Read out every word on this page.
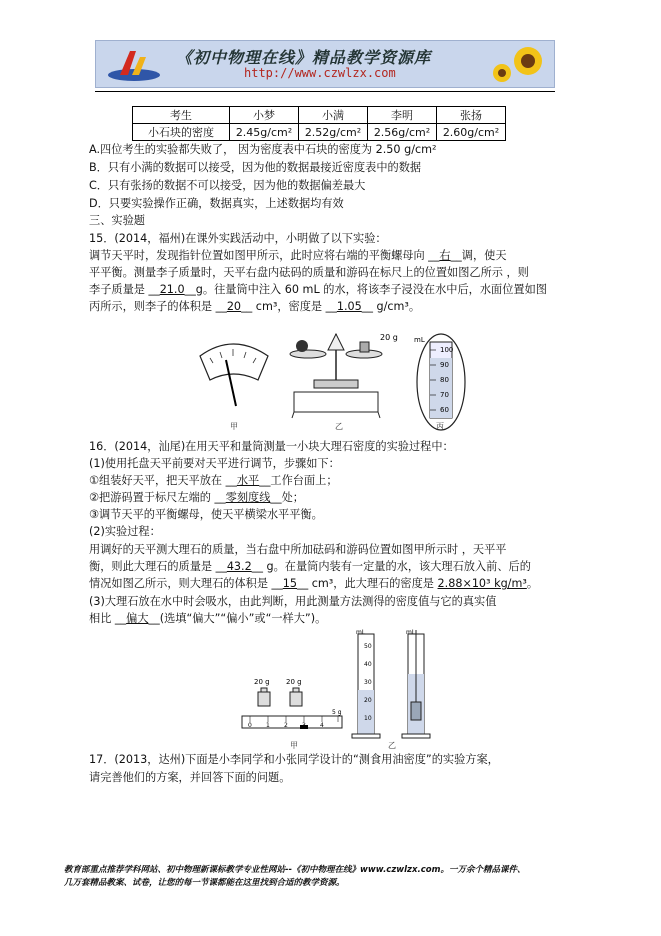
《初中物理在线》精品教学资源库
http://www.czwlzx.com
考生	小梦	小满	李明	张扬
小石块的密度	2.45g/cm²	2.52g/cm²	2.56g/cm²	2.60g/cm²
A.四位考生的实验都失败了， 因为密度表中石块的密度为 2.50 g/cm²
B．只有小满的数据可以接受，因为他的数据最接近密度表中的数据
C．只有张扬的数据不可以接受，因为他的数据偏差最大
D．只要实验操作正确，数据真实，上述数据均有效
三、实验题
15．(2014，福州)在课外实践活动中，小明做了以下实验：
调节天平时，发现指针位置如图甲所示，此时应将右端的平衡螺母向 __右__调，使天
平平衡。测量李子质量时，天平右盘内砝码的质量和游码在标尺上的位置如图乙所示 ，则
李子质量是 __21.0__g。往量筒中注入 60 mL 的水，将该李子浸没在水中后，水面位置如图
丙所示，则李子的体积是 __20__ cm³，密度是 __1.05__ g/cm³。
20 g mL
100
90
80
70
60
甲	乙	丙
16．(2014，汕尾)在用天平和量筒测量一小块大理石密度的实验过程中：
(1)使用托盘天平前要对天平进行调节，步骤如下：
①组装好天平，把天平放在 __水平__工作台面上；
②把游码置于标尺左端的 __零刻度线__处；
③调节天平的平衡螺母，使天平横梁水平平衡。
(2)实验过程：
用调好的天平测大理石的质量，当右盘中所加砝码和游码位置如图甲所示时 ，天平平
衡，则此大理石的质量是 __43.2__ g。在量筒内装有一定量的水，该大理石放入前、后的
情况如图乙所示，则大理石的体积是 __15__ cm³，此大理石的密度是 2.88×10³ kg/m³。
(3)大理石放在水中时会吸水，由此判断，用此测量方法测得的密度值与它的真实值
相比 __偏大__(选填“偏大”“偏小”或“一样大”)。
20 g 20 g
0 1 2 3 4
5 g
mL
50
40
30
20
10
mL
甲	乙
17．(2013，达州)下面是小李同学和小张同学设计的“测食用油密度”的实验方案，
请完善他们的方案，并回答下面的问题。
教育部重点推荐学科网站、初中物理新课标教学专业性网站--《初中物理在线》www.czwlzx.com。一万余个精品课件、
几万套精品教案、试卷，让您的每一节课都能在这里找到合适的教学资源。
